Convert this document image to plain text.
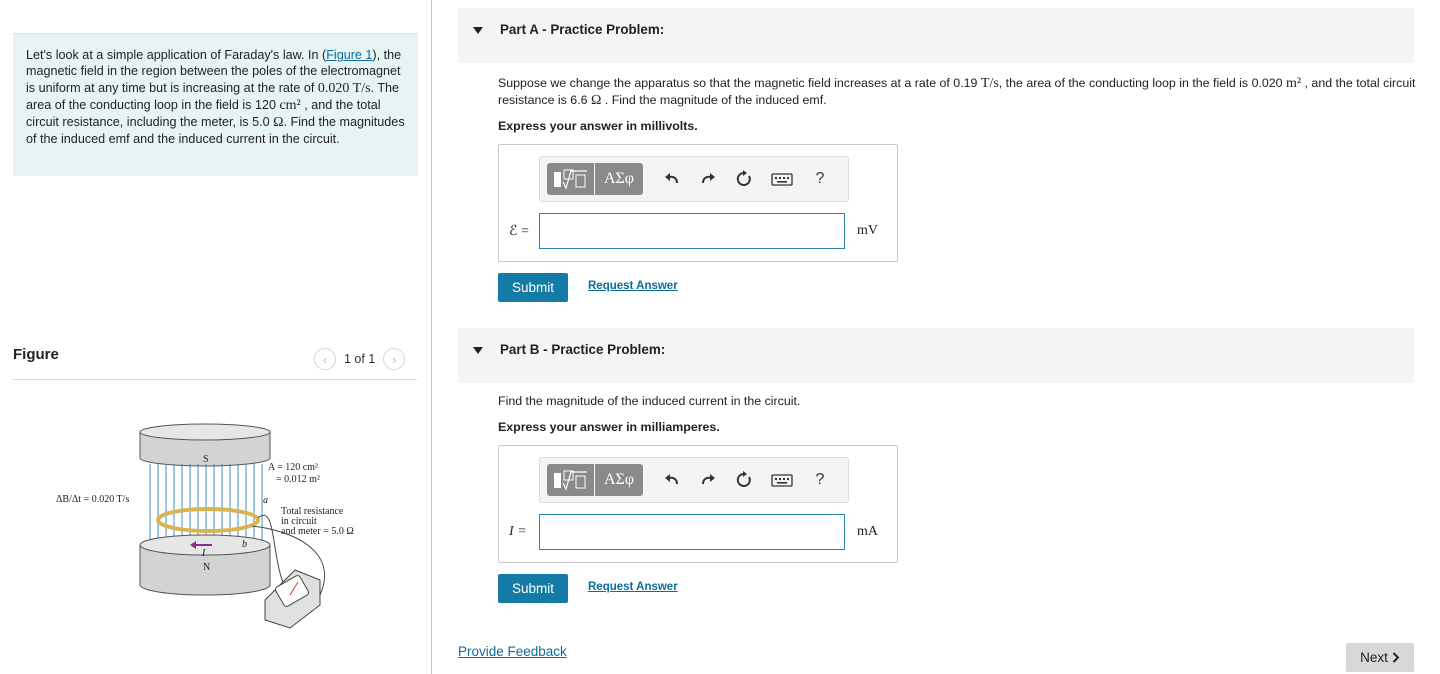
Let's look at a simple application of Faraday's law. In (Figure 1), the magnetic field in the region between the poles of the electromagnet is uniform at any time but is increasing at the rate of 0.020 T/s. The area of the conducting loop in the field is 120 cm² , and the total circuit resistance, including the meter, is 5.0 Ω. Find the magnitudes of the induced emf and the induced current in the circuit.
Figure	‹ 1 of 1 ›
S
N
I
ΔB/Δt = 0.020 T/s
A = 120 cm²
= 0.012 m²
a
b
Total resistance
in circuit
and meter = 5.0 Ω
Part A - Practice Problem:
Suppose we change the apparatus so that the magnetic field increases at a rate of 0.19 T/s, the area of the conducting loop in the field is 0.020 m² , and the total circuit resistance is 6.6 Ω . Find the magnitude of the induced emf.
Express your answer in millivolts.
ΑΣφ	?
ℰ =	mV
Submit	Request Answer
Part B - Practice Problem:
Find the magnitude of the induced current in the circuit.
Express your answer in milliamperes.
ΑΣφ	?
I =	mA
Submit	Request Answer
Provide Feedback	Next
